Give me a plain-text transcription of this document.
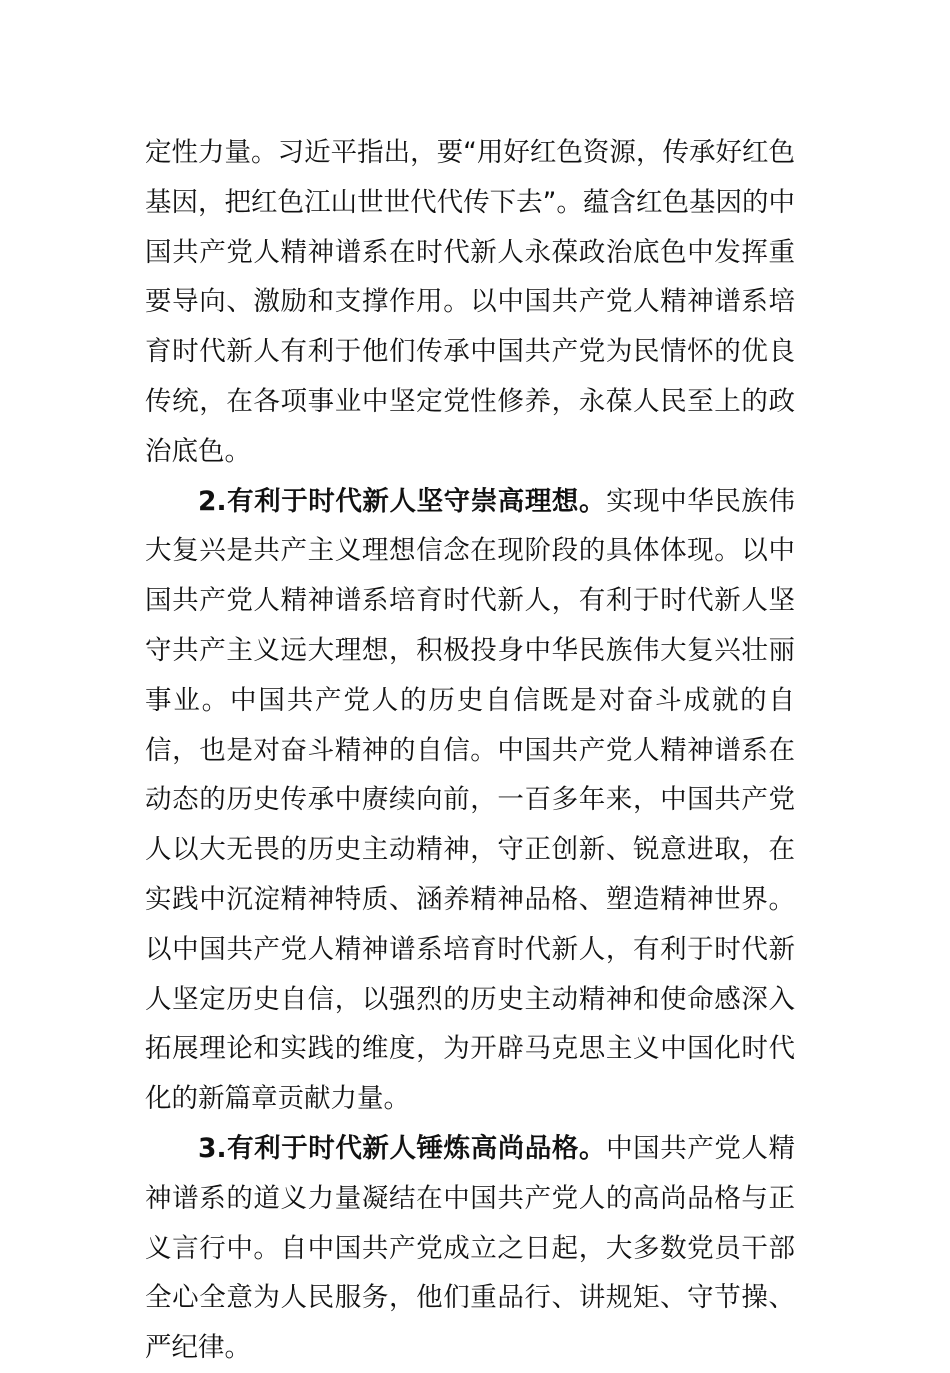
定性力量。习近平指出，要“用好红色资源，传承好红色基因，把红色江山世世代代传下去”。蕴含红色基因的中国共产党人精神谱系在时代新人永葆政治底色中发挥重要导向、激励和支撑作用。以中国共产党人精神谱系培育时代新人有利于他们传承中国共产党为民情怀的优良传统，在各项事业中坚定党性修养，永葆人民至上的政治底色。

2.有利于时代新人坚守崇高理想。实现中华民族伟大复兴是共产主义理想信念在现阶段的具体体现。以中国共产党人精神谱系培育时代新人，有利于时代新人坚守共产主义远大理想，积极投身中华民族伟大复兴壮丽事业。中国共产党人的历史自信既是对奋斗成就的自信，也是对奋斗精神的自信。中国共产党人精神谱系在动态的历史传承中赓续向前，一百多年来，中国共产党人以大无畏的历史主动精神，守正创新、锐意进取，在实践中沉淀精神特质、涵养精神品格、塑造精神世界。以中国共产党人精神谱系培育时代新人，有利于时代新人坚定历史自信，以强烈的历史主动精神和使命感深入拓展理论和实践的维度，为开辟马克思主义中国化时代化的新篇章贡献力量。

3.有利于时代新人锤炼高尚品格。中国共产党人精神谱系的道义力量凝结在中国共产党人的高尚品格与正义言行中。自中国共产党成立之日起，大多数党员干部全心全意为人民服务，他们重品行、讲规矩、守节操、严纪律。
